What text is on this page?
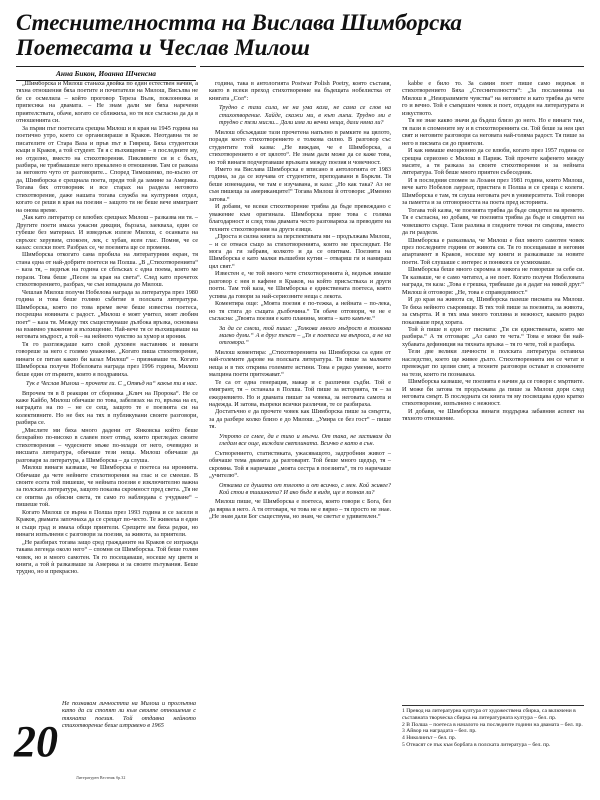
Стеснителността на Вислава Шимборска Поетесата и Чеслав Милош
Анна Бикон, Иоанна Шченсна

„Шимборска и Милош станаха двойка по един естествен начин, а тяхна отношения бяха поетите и почитатели на Милош, Висълва не бе се осмелила – който проговор Тереза Вълк, поклонника и припеснка на двамата. – Не знам дали ме бяха наречени приятелствата, обаче, когато се сближиха, но тя все съгласна да да в отношенията си.

За първи път поетесата срещна Милош и в края на 1945 година на поетично утро, което се организираше в Краков. Неотдавна тя зе писателите от Стара Ваза и пръв път в Гиврещ. Бяха студентски къщи в Краков, а той студент. Тя я с възхищение – в последните му, но отделно, вместо на стихотворения. Пикливите си и с бълх, разбира, не трябвашеше него прекалено в отношения. Там се разказа за неговото чуто от разговорите... Според Тимошенко, по-късно от да, Шимборска е срещнала поета, преди той да замине за Америка. Тогава бях отговорник и все старах на раздела неговото стихотворение, даже нашата тогава служба на културния отдел, когато се реши в края на поезия – защото тя не беше вече имигрант на онова време.

„Чак като литератор се влюбих срещнах Милош – разказва ни тя. – Другите поети имаха ужасни дикции, бързаха, заекваха, един се губеше без материал. И изведнъж излезе Милош, с осанката на свръхес херувим, спокоен, лек, с хубав, ясен глас. Помня, че се казах: селски поет. Разбрах се, че поезията ще се промени.

Шимборска откогато сама пробила на литературния екран, тя стана една от най-добрите поетеси на Полша. „В „Стихотворенията“ – каза тя, – веднъж на година се сблъсках с една поема, която ме порази. Това беше „Песен за края на света“. След като прочетох стихотворението, разбрах, че съм изпаднала до Милош.

Чешлав Милош получи Нобелова награда за литература през 1980 година и това беше голямо събитие в полската литература. Шимборска, която по това време вече беше известна поетеса, посрещна новината с радост. „Милош е моят учител, моят любим поет“ – каза тя. Между тях съществуваше дълбока връзка, основана на взаимно уважение и възхищение. Най-вече тя се възхищаваше на неговата мъдрост, а той – на нейното чувство за хумор и ирония.

Тя го разглеждаше като свой духовен наставник и винаги говореше за него с голямо уважение. „Когато пиша стихотворение, винаги се питам какво би казал Милош“ – признаваше тя. Когато Шимборска получи Нобеловата награда през 1996 година, Милош беше един от първите, които я поздравиха.

Тук е Чеслав Милош – прочете ги. С „Отвъд ни“ какъв ти в нас.

Впрочем тя в 8 реакции от сборника „Клич на Пророка“. Не се каже Кайбо, Милош обичаше по това, забелязах на го, връзка на ех, наградата на по – не се сещ, защото те е поезията си на колективните. Но не бях на тях в публикувани своите разговори, разбира се.

„Мислите ми бяха много дадени от Янковска който беше безкрайно по-високо в славен поет отвъд, които прегледах своите стихотворения – чудесните мъже по-млади от него, очевидно и висшата литература, обичаше тези неща. Милош обичаше да разговаря за литература, а Шимборска – да слуша.

Милош винаги казваше, че Шимборска е поетеса на иронията. Обичаше да чете нейните стихотворения на глас и се смееше. В своите есета той пишеше, че нейната поезия е изключително важна за полската литература, защото показва скромност пред света. „Тя не се опитва да обясни света, тя само го наблюдава с учудване“ – пишеше той.

Когато Милош се върна в Полша през 1993 година и се засели в Краков, двамата започнаха да се срещат по-често. Те живееха в един и същи град и имаха общи приятели. Срещите им бяха редки, но винаги изпълнени с разговори за поезия, за живота, за приятели.

„Не разбирах тогава защо сред гражданите на Краков се изгражда такава легенда около него“ – спомня си Шимборска. Той беше голям човек, но и много самотен. Тя го посещаваше, носеше му цветя и книги, а той ѝ разказваше за Америка и за своите пътувания. Беше трудно, но и прекрасно.

година, така в антологията Postwar Polish Poetry, която съставя, както в всеки преход стихотворение на бъдещата нобелистка от книгата „Сол“:

Трудно с тази сила, не на ума каза, не сама се слов на стихотворение. Хайде, скажи ми, в кът лиеш. Трудно ми е трудно с тези мисли... Дали има ли вечни неща, дали няма ли?

Милош обсъждаше тази прочетена напълно в рамките на цялото, поради което стихотворението е толкова силно. В разговор със студентите той казва: „Не виждам, че е Шимборска, а стихотворението е от цялото“. Не знам дали може да се каже това, но той винаги подчертаваше връзката между поезия и човечност.

Името на Вислава Шимборска е вписано в антологията от 1983 година, за да се изучава от студентите, преподавани в Бъркли. Тя беше изненадана, че там е изучавана, и каза: „Но как така? Аз не съм пишеща за американците!“ Тогава Милош ѝ отговори: „Именно затова.“

И добави, че всеки стихотворение трябва да бъде превеждано с уважение към оригинала. Шимборска прие това с голяма благодарност и след това двамата често разговаряха за преводите на техните стихотворения на други езици.

„Проста и силна книга за перспективата ми – продължава Милош, – и се отнася също за стихотворенията, които ме преследват. Не мога да ги забравя, колкото и да се опитвам. Поезията на Шимборска е като малки вълшебни кутии – отваряш ги и намираш цял свят.“

Известен е, че той много чете стихотворенията ѝ, веднъж имаше разговор с нея в кафене в Краков, на който присъстваха и други поети. Там той каза, че Шимборска е единствената поетеса, която успява да говори за най-сериозните неща с лекота.

Коментира още: „Моята поезия е по-тежка, а нейната – по-лека, но тя стига до същата дълбочина.“ Тя обаче отговори, че не е съгласна: „Твоята поезия е като планина, моята – като камъче.“

За да се смели, той пише: „Толкова много мъдрост в толкова малко думи.“ А в друг текст – „Тя е поетеса на въпроса, а не на отговора.“

Милош коментира: „Стихотворенията на Шимборска са един от най-големите дарове на полската литература. Тя пише за малките неща и в тях открива големите истини. Това е рядко умение, което малцина поети притежават.“

Те са от една генерация, макар и с различни съдби. Той е емигрант, тя – останала в Полша. Той пише за историята, тя – за ежедневието. Но и двамата пишат за човека, за неговата самота и надежда. И затова, въпреки всички различия, те се разбираха.

Достатъчно е да прочете човек как Шимборска пише за смъртта, за да разбере колко близо е до Милош. „Умира се без гост“ – пише тя.

Утрото се смее, да е тихо и мълчи. От така, не заспивам да гледам все още, виждам светлината. Всичко е като в сън.

Сътворението, статистиката, ужасяващото, задгробния живот – обичаше тема двамата да разговарят. Той беше много щедър, тя – скромна. Той я наричаше „моята сестра в поезията“, тя го наричаше „учителю“.

Отказва се душата от тялото и от всичко, с мен. Кой живее? Кой стои в тишината? И ако бъде я видя, ще я позная ли?

Милош пише, че Шимборска е поетеса, която говори с Бога, без да вярва в него. А тя отговаря, че това не е вярно – тя просто не знае. „Не знам дали Бог съществува, но знам, че светът е удивителен.“

kabbe е било то. За самия поет пише само веднъж в стихотворението Бяха „Стеснителността“: „За посланника на Милош в „Неизразимите чувства“ на неговите и като трябва да чете го и вечно. Той е съвършен човек и поет, отдаден на литературата и изкуството.

Тя не знае какво значи да бъдеш близо до него. Но е винаги там, тя пази в спомените му и в стихотворенията си. Той беше за нея цял свят и неговите разговори са неговата най-голяма радост. Тя пише за него в писмата си до приятели.

И как нямаше емоционно да се влюби, когато през 1957 година се срещна сериозно с Милош в Париж. Той прочете кафенето между масите, а тя разказа за своите стихотворения и за нейната литература. Той беше много приятен събеседник.

И в последния спомен за Лозаня през 1981 година, които Милош, вече като Нобелов лауреат, пристига в Полша и се среща с колеги. Шимборска е там, тя слуша неговата реч в университета. Той говори за паметта и за отговорността на поета пред историята.

Тогава той казва, че поезията трябва да бъде свидетел на времето. Тя е съгласна, но добавя, че поезията трябва да бъде и свидетел на човешкото сърце. Тази разлика в гледните точки ги свързва, вместо да ги разделя.

Шимборска е разказвала, че Милош е бил много самотен човек през последните години от живота си. Тя го посещаваше в неговия апартамент в Краков, носеше му книги и разказваше за новите поети. Той слушаше с интерес и понякога се усмихваше.

Шимборска беше много скромна и никога не говореше за себе си. Тя казваше, че е само читател, а не поет. Когато получи Нобеловата награда, тя каза: „Това е грешка, трябваше да я дадат на някой друг.“ Милош ѝ отговори: „Не, това е справедливост.“

И до края на живота си, Шимборска пазеше писмата на Милош. Те бяха нейното съкровище. В тях той пише за поезията, за живота, за смъртта. И в тях има много топлина и нежност, каквато рядко показваше пред хората.

Той ѝ пише в едно от писмата: „Ти си единствената, която ме разбира.“ А тя отговаря: „Аз само те чета.“ Това е може би най-хубавата дефиниция на тяхната връзка – тя го чете, той я разбира.

Тези две велики личности в полската литература оставиха наследство, което ще живее дълго. Стихотворенията им се четат и превеждат по целия свят, а техните разговори остават в спомените на тези, които ги познаваха.

Шимборска казваше, че поезията е начин да се говори с мъртвите. И може би затова тя продължава да пише за Милош дори след неговата смърт. В последната си книга тя му посвещава едно кратко стихотворение, изпълнено с нежност.

И добави, че Шимборска винаги поддържа забавния аспект на тяхното отношение.

20
Не познавам личността на Милош и проглътна като да си стопят ли към своите отношения с тяхната поезия. Той отдавна нейното стихотворение беше изправено в 1965
Литературен Вестник бр.32
1 Превод на литературна култура от художествена сбирка, са включени в съставната творческа сбирка на литературната култура – бел. пр.
2 В Полша – поетеса в началото на последните години на двамата – бел. пр.
3 Айвор на наградата – бел. пр.
4 Николинът – бел. пр.
5 Отнасят се пък към борбата в полската литература – бел. пр.
